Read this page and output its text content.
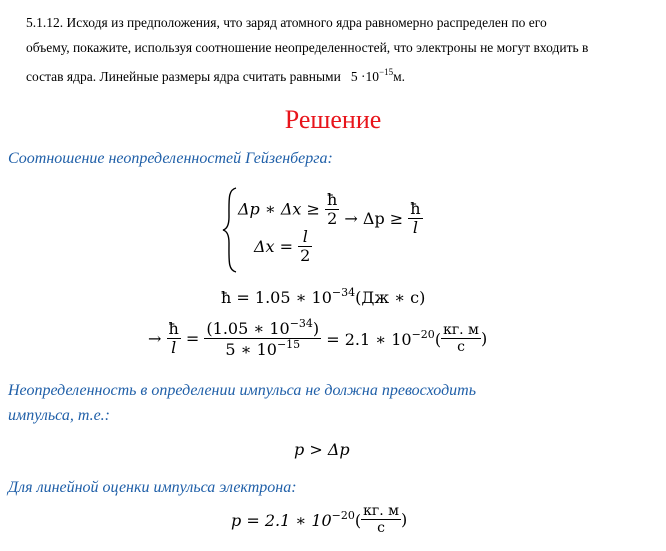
5.1.12. Исходя из предположения, что заряд атомного ядра равномерно распределен по его
объему, покажите, используя соотношение неопределенностей, что электроны не могут входить в
состав ядра. Линейные размеры ядра считать равными $5 \cdot 10^{-15}м$.
Решение
Соотношение неопределенностей Гейзенберга:
Δp ∗ $\Delta x \ge \frac{ħ}{2} \to \Delta p \ge \frac{ħ}{l}$
$\Delta x = \frac{l}{2}$
ħ = 1.05 ∗ $10^{-34}(Дж$ ∗ с)
→ $\frac{ħ}{l} = \frac{(1.05 ∗ 10^{-34})}{5 ∗ 10^{-15}} = 2.1$ ∗ $10^{-20}( \frac{кг. м}{с}$ )
Неопределенность в определении импульса не должна превосходить
импульса, т.е.:
p > Δp
Для линейной оценки импульса электрона:
p = 2.1 ∗ $10^{-20}( \frac{кг. м}{с}$ )
